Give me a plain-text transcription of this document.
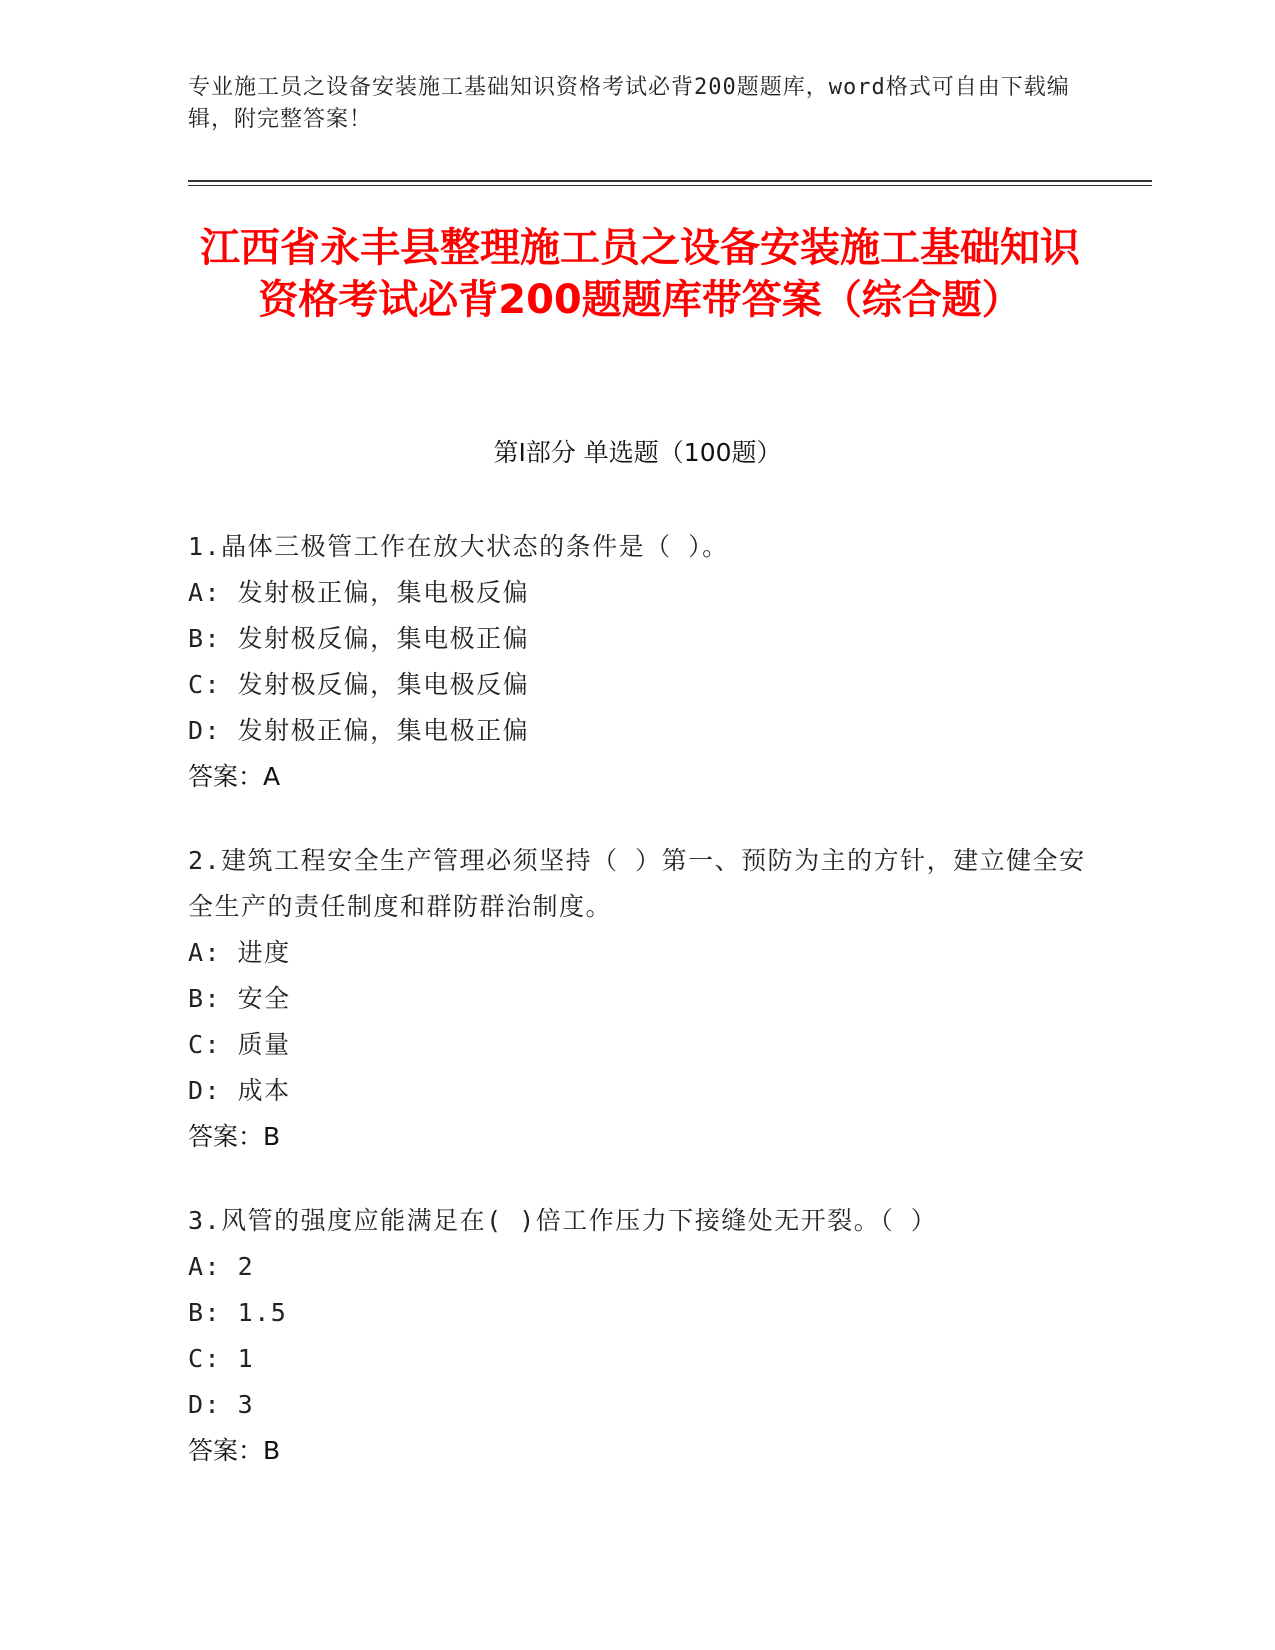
专业施工员之设备安装施工基础知识资格考试必背200题题库，word格式可自由下载编辑，附完整答案！
江西省永丰县整理施工员之设备安装施工基础知识资格考试必背200题题库带答案（综合题）
第I部分 单选题（100题）
1.晶体三极管工作在放大状态的条件是（ ）。
A: 发射极正偏，集电极反偏
B: 发射极反偏，集电极正偏
C: 发射极反偏，集电极反偏
D: 发射极正偏，集电极正偏
答案：A
2.建筑工程安全生产管理必须坚持（ ）第一、预防为主的方针，建立健全安全生产的责任制度和群防群治制度。
A: 进度
B: 安全
C: 质量
D: 成本
答案：B
3.风管的强度应能满足在( )倍工作压力下接缝处无开裂。（ ）
A: 2
B: 1.5
C: 1
D: 3
答案：B
